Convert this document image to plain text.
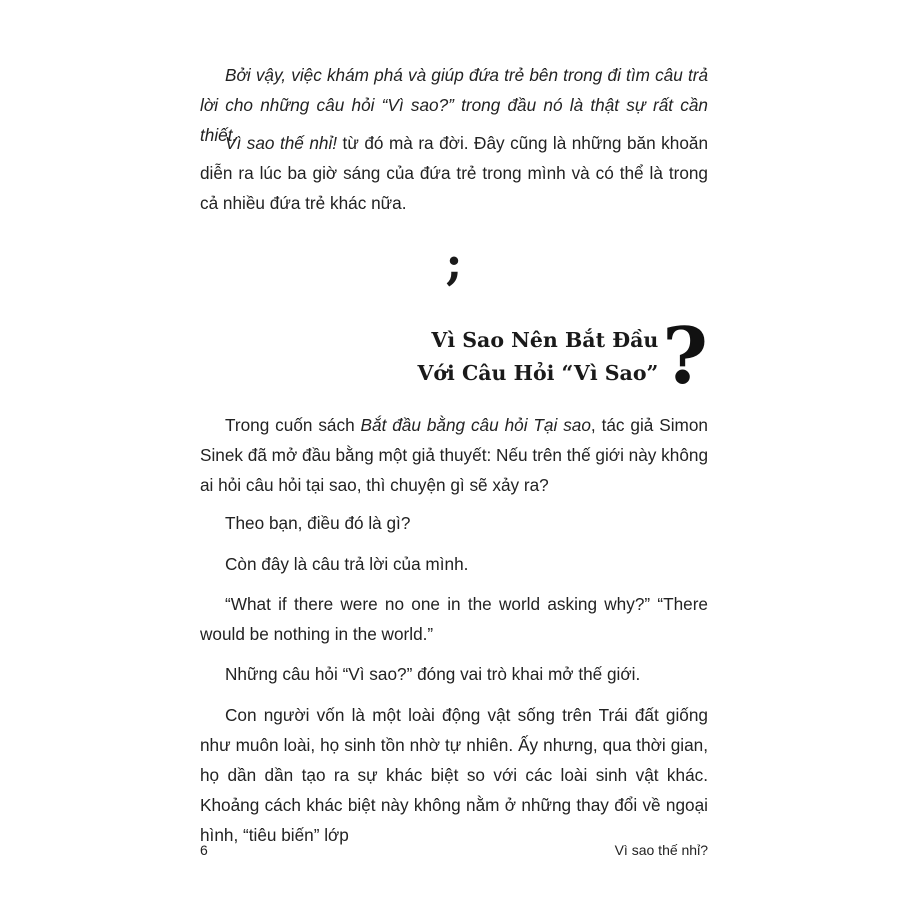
Bởi vậy, việc khám phá và giúp đứa trẻ bên trong đi tìm câu trả lời cho những câu hỏi “Vì sao?” trong đầu nó là thật sự rất cần thiết.

Vì sao thế nhỉ! từ đó mà ra đời. Đây cũng là những băn khoăn diễn ra lúc ba giờ sáng của đứa trẻ trong mình và có thể là trong cả nhiều đứa trẻ khác nữa.

;
Vì Sao Nên Bắt Đầu
Với Câu Hỏi “Vì Sao” ?

Trong cuốn sách Bắt đầu bằng câu hỏi Tại sao, tác giả Simon Sinek đã mở đầu bằng một giả thuyết: Nếu trên thế giới này không ai hỏi câu hỏi tại sao, thì chuyện gì sẽ xảy ra?

Theo bạn, điều đó là gì?

Còn đây là câu trả lời của mình.

“What if there were no one in the world asking why?” “There would be nothing in the world.”

Những câu hỏi “Vì sao?” đóng vai trò khai mở thế giới.

Con người vốn là một loài động vật sống trên Trái đất giống như muôn loài, họ sinh tồn nhờ tự nhiên. Ấy nhưng, qua thời gian, họ dần dần tạo ra sự khác biệt so với các loài sinh vật khác. Khoảng cách khác biệt này không nằm ở những thay đổi về ngoại hình, “tiêu biến” lớp

6	Vì sao thế nhỉ?
